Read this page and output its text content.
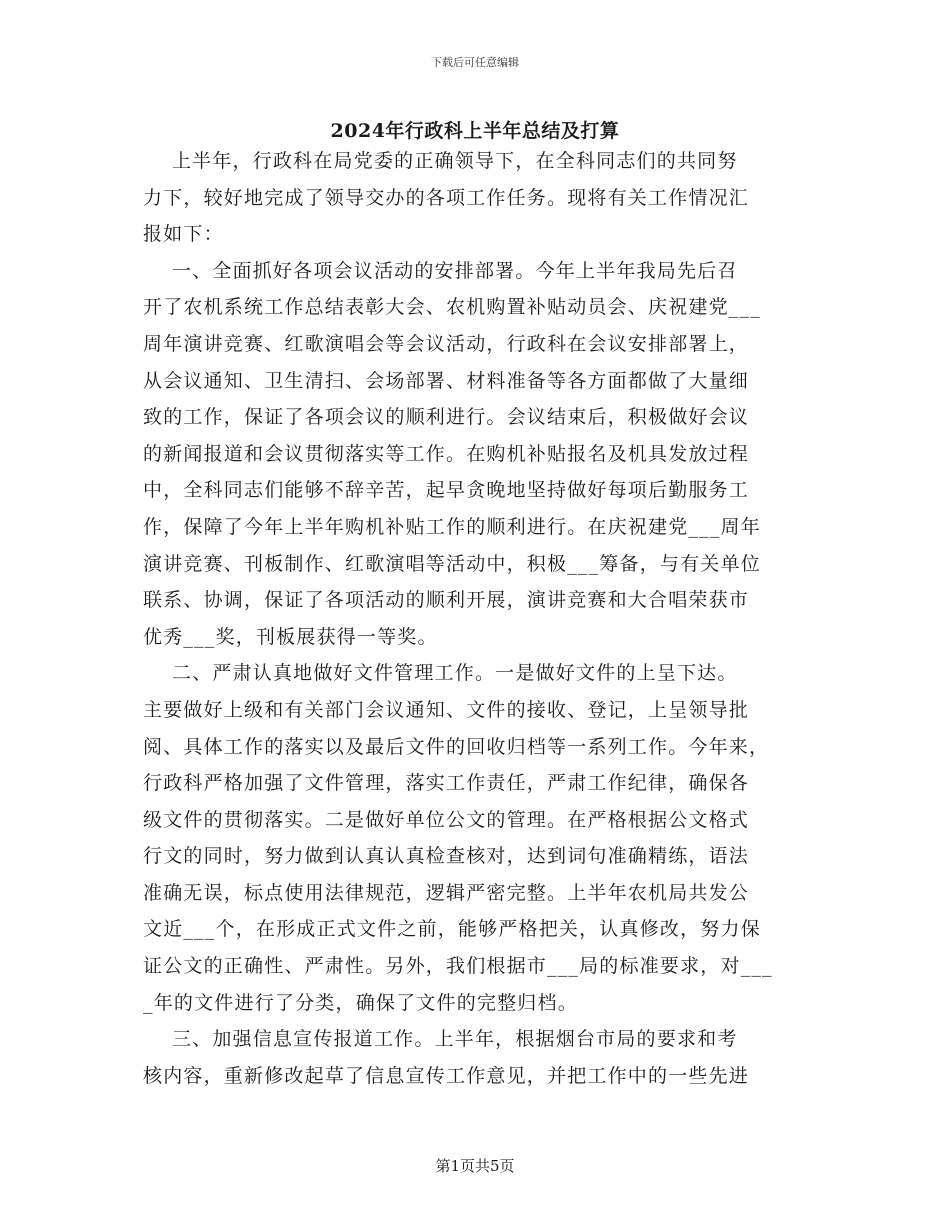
下载后可任意编辑
2024年行政科上半年总结及打算
上半年，行政科在局党委的正确领导下，在全科同志们的共同努
力下，较好地完成了领导交办的各项工作任务。现将有关工作情况汇
报如下：
一、全面抓好各项会议活动的安排部署。今年上半年我局先后召
开了农机系统工作总结表彰大会、农机购置补贴动员会、庆祝建党___
周年演讲竞赛、红歌演唱会等会议活动，行政科在会议安排部署上，
从会议通知、卫生清扫、会场部署、材料准备等各方面都做了大量细
致的工作，保证了各项会议的顺利进行。会议结束后，积极做好会议
的新闻报道和会议贯彻落实等工作。在购机补贴报名及机具发放过程
中，全科同志们能够不辞辛苦，起早贪晚地坚持做好每项后勤服务工
作，保障了今年上半年购机补贴工作的顺利进行。在庆祝建党___周年
演讲竞赛、刊板制作、红歌演唱等活动中，积极___筹备，与有关单位
联系、协调，保证了各项活动的顺利开展，演讲竞赛和大合唱荣获市
优秀___奖，刊板展获得一等奖。
二、严肃认真地做好文件管理工作。一是做好文件的上呈下达。
主要做好上级和有关部门会议通知、文件的接收、登记，上呈领导批
阅、具体工作的落实以及最后文件的回收归档等一系列工作。今年来，
行政科严格加强了文件管理，落实工作责任，严肃工作纪律，确保各
级文件的贯彻落实。二是做好单位公文的管理。在严格根据公文格式
行文的同时，努力做到认真认真检查核对，达到词句准确精练，语法
准确无误，标点使用法律规范，逻辑严密完整。上半年农机局共发公
文近___个，在形成正式文件之前，能够严格把关，认真修改，努力保
证公文的正确性、严肃性。另外，我们根据市___局的标准要求，对___
_年的文件进行了分类，确保了文件的完整归档。
三、加强信息宣传报道工作。上半年，根据烟台市局的要求和考
核内容，重新修改起草了信息宣传工作意见，并把工作中的一些先进
第1页共5页
